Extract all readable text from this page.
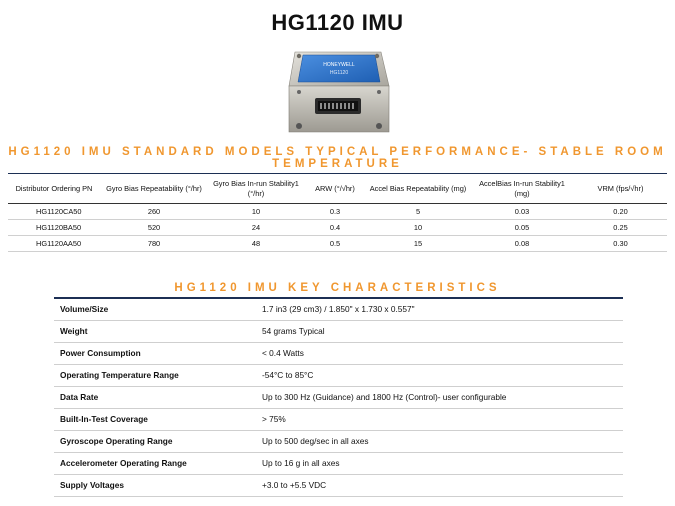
HG1120 IMU
HONEYWELL
HG1120
HG1120 IMU STANDARD MODELS TYPICAL PERFORMANCE- STABLE ROOM
TEMPERATURE
Distributor Ordering PN	Gyro Bias Repeatability (°/hr)	Gyro Bias In-run Stability1 (°/hr)	ARW (°/√hr)	Accel Bias Repeatability (mg)	AccelBias In-run Stability1 (mg)	VRM (fps/√hr)
HG1120CA50	260	10	0.3	5	0.03	0.20
HG1120BA50	520	24	0.4	10	0.05	0.25
HG1120AA50	780	48	0.5	15	0.08	0.30
HG1120 IMU KEY CHARACTERISTICS
Volume/Size	1.7 in3 (29 cm3) / 1.850" x 1.730 x 0.557"
Weight	54 grams Typical
Power Consumption	< 0.4 Watts
Operating Temperature Range	-54°C to 85°C
Data Rate	Up to 300 Hz (Guidance) and 1800 Hz (Control)- user configurable
Built-In-Test Coverage	> 75%
Gyroscope Operating Range	Up to 500 deg/sec in all axes
Accelerometer Operating Range	Up to 16 g in all axes
Supply Voltages	+3.0 to +5.5 VDC
